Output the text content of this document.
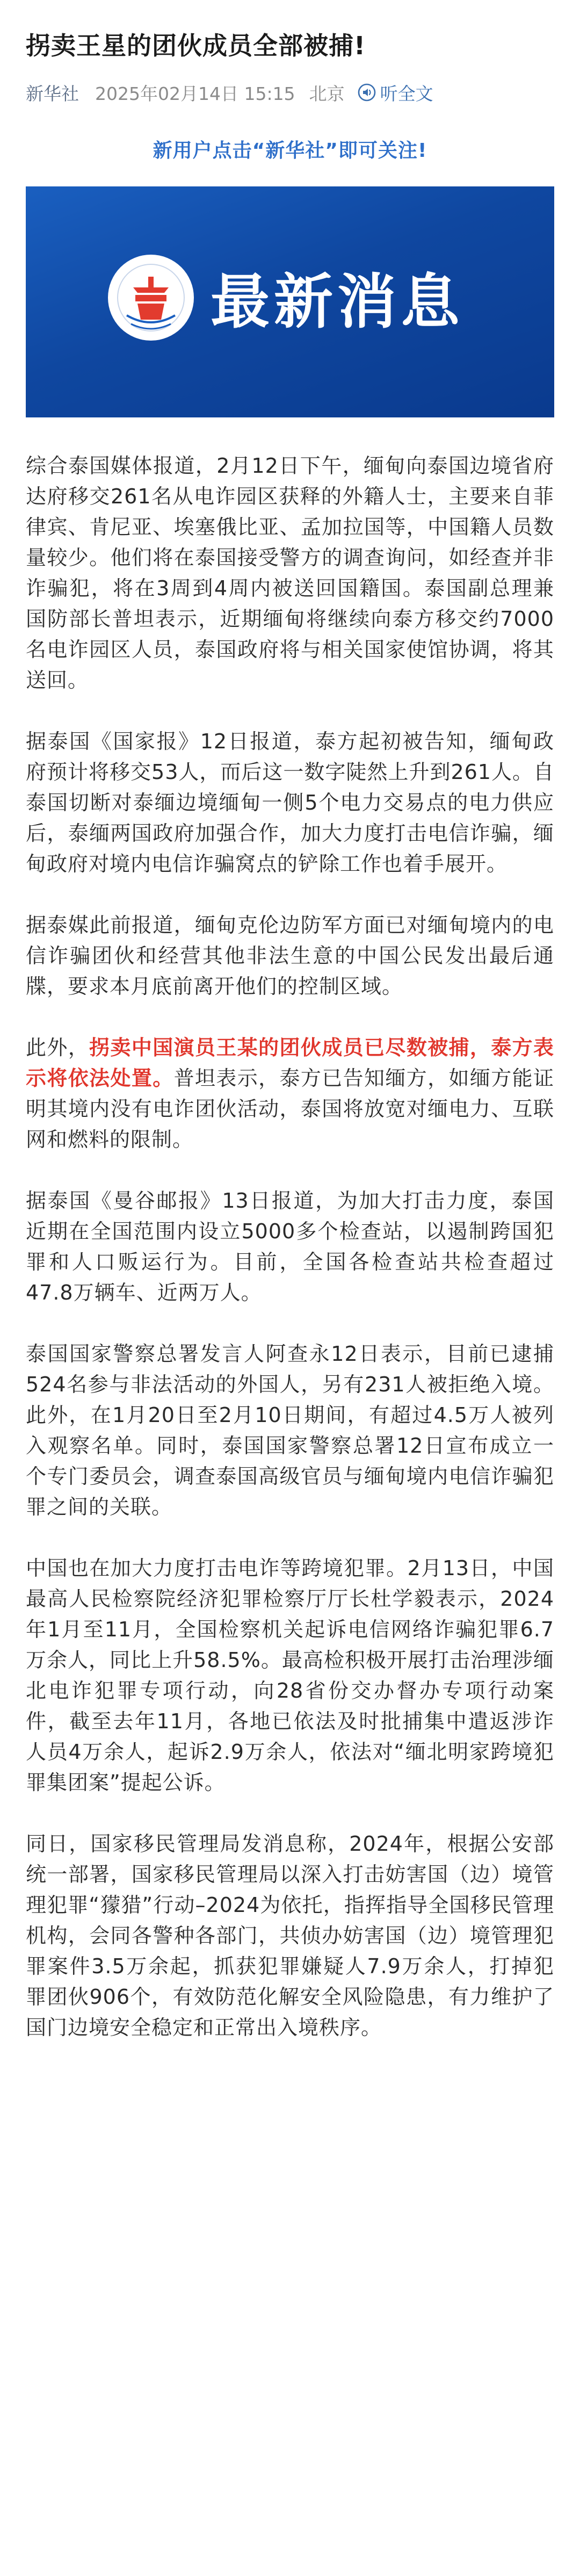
拐卖王星的团伙成员全部被捕!
新华社 2025年02月14日 15:15 北京 听全文
新用户点击“新华社”即可关注!
最新消息

综合泰国媒体报道，2月12日下午，缅甸向泰国边境省府达府移交261名从电诈园区获释的外籍人士，主要来自菲律宾、肯尼亚、埃塞俄比亚、孟加拉国等，中国籍人员数量较少。他们将在泰国接受警方的调查询问，如经查并非诈骗犯，将在3周到4周内被送回国籍国。泰国副总理兼国防部长普坦表示，近期缅甸将继续向泰方移交约7000名电诈园区人员，泰国政府将与相关国家使馆协调，将其送回。

据泰国《国家报》12日报道，泰方起初被告知，缅甸政府预计将移交53人，而后这一数字陡然上升到261人。自泰国切断对泰缅边境缅甸一侧5个电力交易点的电力供应后，泰缅两国政府加强合作，加大力度打击电信诈骗，缅甸政府对境内电信诈骗窝点的铲除工作也着手展开。

据泰媒此前报道，缅甸克伦边防军方面已对缅甸境内的电信诈骗团伙和经营其他非法生意的中国公民发出最后通牒，要求本月底前离开他们的控制区域。

此外，拐卖中国演员王某的团伙成员已尽数被捕，泰方表示将依法处置。普坦表示，泰方已告知缅方，如缅方能证明其境内没有电诈团伙活动，泰国将放宽对缅电力、互联网和燃料的限制。

据泰国《曼谷邮报》13日报道，为加大打击力度，泰国近期在全国范围内设立5000多个检查站，以遏制跨国犯罪和人口贩运行为。目前，全国各检查站共检查超过47.8万辆车、近两万人。

泰国国家警察总署发言人阿查永12日表示，目前已逮捕524名参与非法活动的外国人，另有231人被拒绝入境。此外，在1月20日至2月10日期间，有超过4.5万人被列入观察名单。同时，泰国国家警察总署12日宣布成立一个专门委员会，调查泰国高级官员与缅甸境内电信诈骗犯罪之间的关联。

中国也在加大力度打击电诈等跨境犯罪。2月13日，中国最高人民检察院经济犯罪检察厅厅长杜学毅表示，2024年1月至11月，全国检察机关起诉电信网络诈骗犯罪6.7万余人，同比上升58.5%。最高检积极开展打击治理涉缅北电诈犯罪专项行动，向28省份交办督办专项行动案件，截至去年11月，各地已依法及时批捕集中遣返涉诈人员4万余人，起诉2.9万余人，依法对“缅北明家跨境犯罪集团案”提起公诉。

同日，国家移民管理局发消息称，2024年，根据公安部统一部署，国家移民管理局以深入打击妨害国（边）境管理犯罪“獴猎”行动–2024为依托，指挥指导全国移民管理机构，会同各警种各部门，共侦办妨害国（边）境管理犯罪案件3.5万余起，抓获犯罪嫌疑人7.9万余人，打掉犯罪团伙906个，有效防范化解安全风险隐患，有力维护了国门边境安全稳定和正常出入境秩序。
